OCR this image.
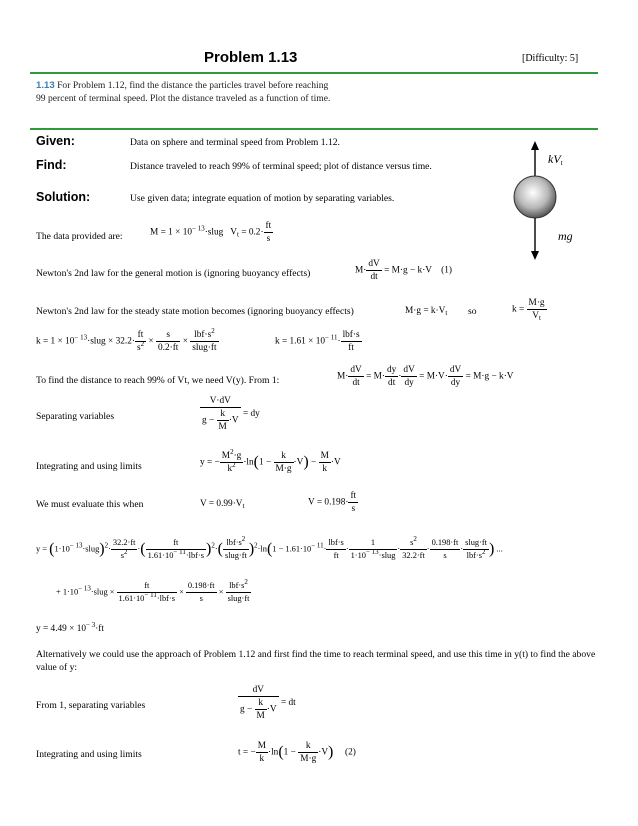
Problem 1.13	[Difficulty: 5]
1.13 For Problem 1.12, find the distance the particles travel before reaching 99 percent of terminal speed. Plot the distance traveled as a function of time.
Given:	Data on sphere and terminal speed from Problem 1.12.
Find:	Distance traveled to reach 99% of terminal speed; plot of distance versus time.
Solution:	Use given data; integrate equation of motion by separating variables.
$kV_t$
mg
The data provided are:	$M = 1 \times 10^{- 13}\cdot slug$   $V_t = 0.2\cdot \frac{ft}{s}$
Newton's 2nd law for the general motion is (ignoring buoyancy effects)	$M\cdot \frac{dV}{dt} = M\cdot g - k\cdot V$    (1)
Newton's 2nd law for the steady state motion becomes (ignoring buoyancy effects)	$M\cdot g = k\cdot V_t$ so	$k = \frac{M\cdot g}{V_t}$
$k = 1 \times 10^{- 13}\cdot slug \times 32.2\cdot \frac{ft}{s^2} \times \frac{s}{0.2\cdot ft} \times \frac{lbf\cdot s^2}{\text{slug·ft}}$	$k = 1.61 \times 10^{- 11}\cdot \frac{\text{lbf·s}}{ft}$
To find the distance to reach 99% of Vt, we need V(y). From 1:	$M\cdot \frac{dV}{dt} = M\cdot \frac{dy}{dt} \cdot \frac{dV}{dy} = M\cdot V\cdot \frac{dV}{dy} = M\cdot g - k\cdot V$
Separating variables	$\frac{V\cdot dV}{g - \frac{k}{M} \cdot V}$ = dy
Integrating and using limits	y = − $\frac{M^2\cdot g}{k^2} \cdot\ln(1 - \frac{k}{M\cdot g} \cdot V) - \frac{M}{k} \cdot V$
We must evaluate this when	$V = 0.99\cdot V_t$	$V = 0.198\cdot \frac{ft}{s}$
$y = (1\cdot 10^{- 13}\cdot slug)^2\cdot \frac{32.2\cdot ft}{s^2}$ ·( $\frac{ft}{1.61\cdot 10^{- 11}\cdot lbf\cdot s} )^2\cdot( \frac{lbf\cdot s^2}{\text{slug·ft}} )^2\cdot\ln(1 - 1.61\cdot 10^{- 11}\cdot \frac{\text{lbf·s}}{ft} \cdot \frac{1}{1\cdot 10^{- 13}\cdot slug} \cdot \frac{s^2}{32.2\cdot ft} \cdot \frac{0.198\cdot ft}{s} \cdot \frac{\text{slug·ft}}{lbf\cdot s^2}$ ) ...
+ $1\cdot 10^{- 13}\cdot slug \times \frac{ft}{1.61\cdot 10^{- 11}\cdot lbf\cdot s} \times \frac{0.198\cdot ft}{s} \times \frac{lbf\cdot s^2}{\text{slug·ft}}$
$y = 4.49 \times 10^{- 3}\cdot ft$
Alternatively we could use the approach of Problem 1.12 and first find the time to reach terminal speed, and use this time in y(t) to find the above value of y:
From 1, separating variables	$\frac{dV}{g - \frac{k}{M} \cdot V}$ = dt
Integrating and using limits	t = − $\frac{M}{k} \cdot\ln(1 - \frac{k}{M\cdot g} \cdot V)$ (2)
